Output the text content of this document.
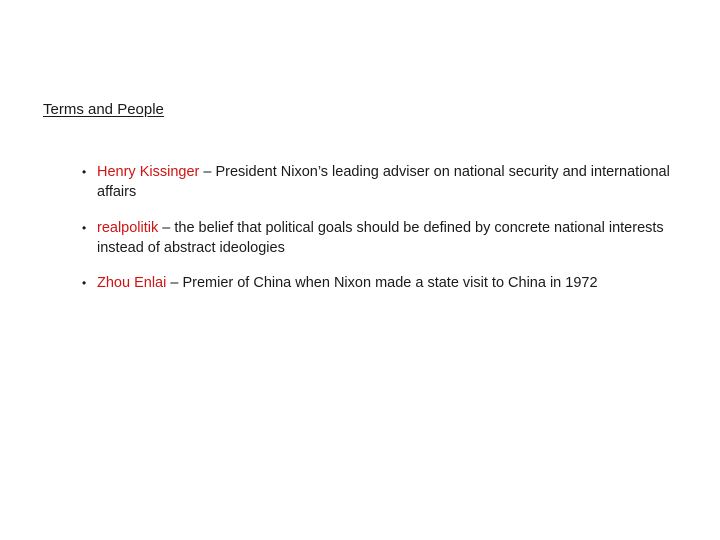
Terms and People
• Henry Kissinger – President Nixon’s leading adviser on national security and international affairs
• realpolitik – the belief that political goals should be defined by concrete national interests instead of abstract ideologies
• Zhou Enlai – Premier of China when Nixon made a state visit to China in 1972
